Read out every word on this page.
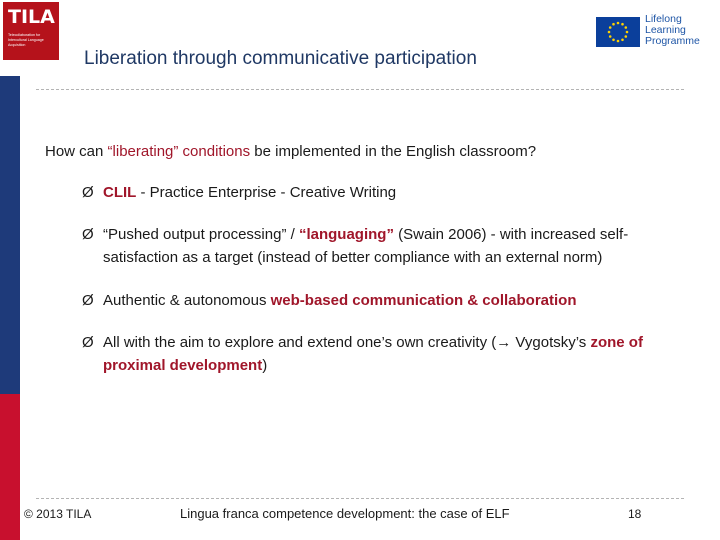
TILA
Telecollaboration for Intercultural Language Acquisition
Liberation through communicative participation
Lifelong
Learning
Programme
How can “liberating” conditions be implemented in the English classroom?
Ø CLIL - Practice Enterprise - Creative Writing
Ø “Pushed output processing” / “languaging” (Swain 2006) - with increased self-satisfaction as a target (instead of better compliance with an external norm)
Ø Authentic & autonomous web-based communication & collaboration
Ø All with the aim to explore and extend one’s own creativity (→ Vygotsky’s zone of proximal development)
© 2013 TILA	Lingua franca competence development: the case of ELF	18
